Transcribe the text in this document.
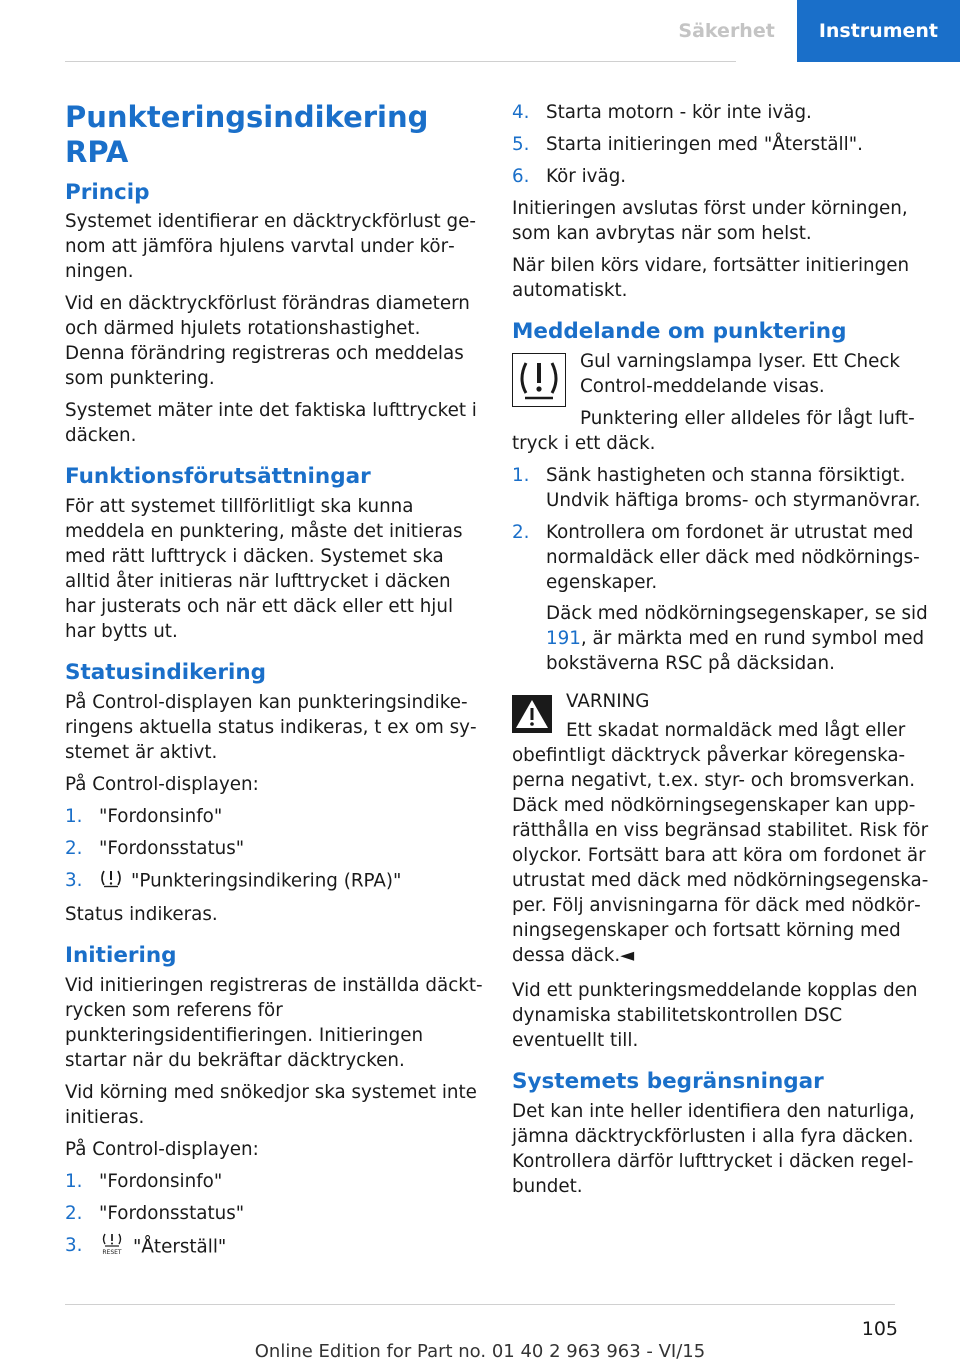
Säkerhet	Instrument
Punkteringsindikering RPA
Princip

Systemet identifierar en däcktryckförlust genom att jämföra hjulens varvtal under körningen.

Vid en däcktryckförlust förändras diametern och därmed hjulets rotationshastighet. Denna förändring registreras och meddelas som punktering.

Systemet mäter inte det faktiska lufttrycket i däcken.

Funktionsförutsättningar

För att systemet tillförlitligt ska kunna meddela en punktering, måste det initieras med rätt lufttryck i däcken. Systemet ska alltid åter initieras när lufttrycket i däcken har justerats och när ett däck eller ett hjul har bytts ut.

Statusindikering

På Control-displayen kan punkteringsindikeringens aktuella status indikeras, t ex om systemet är aktivt.

På Control-displayen:

1. "Fordonsinfo"
2. "Fordonsstatus"
3.	"Punkteringsindikering (RPA)"

Status indikeras.

Initiering

Vid initieringen registreras de inställda däcktrycken som referens för punkteringsidentifieringen. Initieringen startar när du bekräftar däcktrycken.

Vid körning med snökedjor ska systemet inte initieras.

På Control-displayen:

1. "Fordonsinfo"
2. "Fordonsstatus"
3.	RESET "Återställ"
4. Starta motorn - kör inte iväg.
5. Starta initieringen med "Återställ".
6. Kör iväg.

Initieringen avslutas först under körningen, som kan avbrytas när som helst.

När bilen körs vidare, fortsätter initieringen automatiskt.

Meddelande om punktering

Gul varningslampa lyser. Ett Check Control-meddelande visas.

Punktering eller alldeles för lågt lufttryck i ett däck.

1. Sänk hastigheten och stanna försiktigt. Undvik häftiga broms- och styrmanövrar.
2. Kontrollera om fordonet är utrustat med normaldäck eller däck med nödkörningsegenskaper.

Däck med nödkörningsegenskaper, se sid 191, är märkta med en rund symbol med bokstäverna RSC på däcksidan.

VARNING

Ett skadat normaldäck med lågt eller obefintligt däcktryck påverkar köregenskaperna negativt, t.ex. styr- och bromsverkan. Däck med nödkörningsegenskaper kan upprätthålla en viss begränsad stabilitet. Risk för olyckor. Fortsätt bara att köra om fordonet är utrustat med däck med nödkörningsegenskaper. Följ anvisningarna för däck med nödkörningsegenskaper och fortsatt körning med dessa däck.◄

Vid ett punkteringsmeddelande kopplas den dynamiska stabilitetskontrollen DSC eventuellt till.

Systemets begränsningar

Det kan inte heller identifiera den naturliga, jämna däcktryckförlusten i alla fyra däcken. Kontrollera därför lufttrycket i däcken regelbundet.

105
Online Edition for Part no. 01 40 2 963 963 - VI/15
